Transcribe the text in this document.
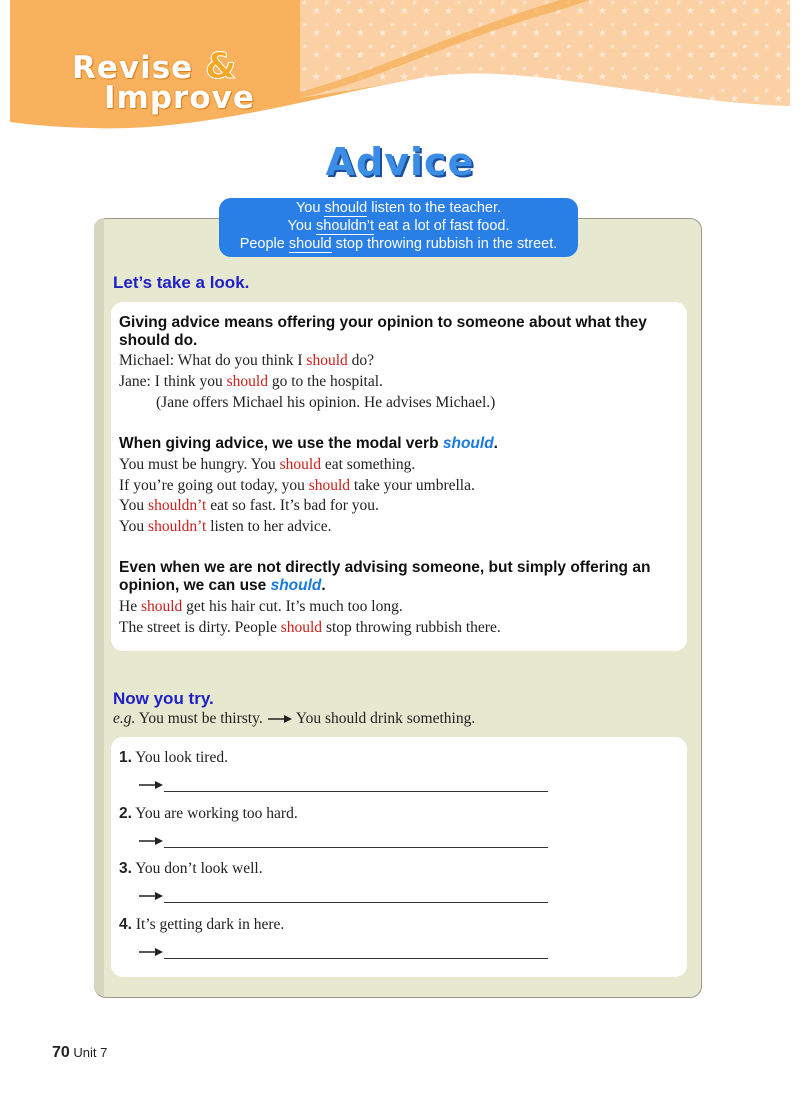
Revise &
Improve
Advice
You should listen to the teacher.
You shouldn’t eat a lot of fast food.
People should stop throwing rubbish in the street.
Let’s take a look.
Giving advice means offering your opinion to someone about what they should do.
Michael: What do you think I should do?
Jane: I think you should go to the hospital.
(Jane offers Michael his opinion. He advises Michael.)
When giving advice, we use the modal verb should.
You must be hungry. You should eat something.
If you’re going out today, you should take your umbrella.
You shouldn’t eat so fast. It’s bad for you.
You shouldn’t listen to her advice.
Even when we are not directly advising someone, but simply offering an opinion, we can use should.
He should get his hair cut. It’s much too long.
The street is dirty. People should stop throwing rubbish there.
Now you try.
e.g. You must be thirsty. You should drink something.
1. You look tired.
2. You are working too hard.
3. You don’t look well.
4. It’s getting dark in here.
70 Unit 7
